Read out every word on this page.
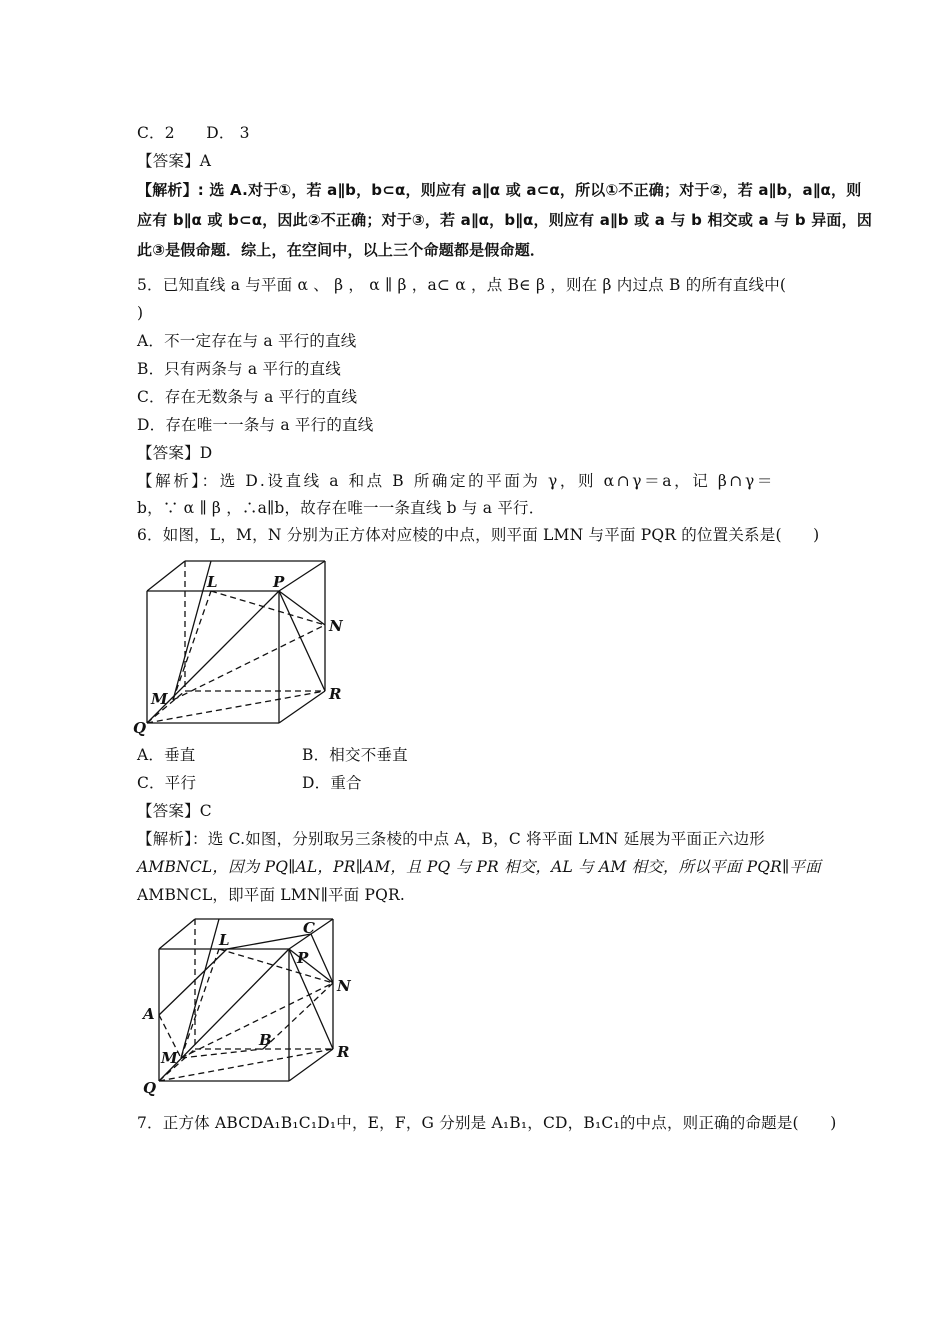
C．2　　D． 3
【答案】A
【解析】: 选 A.对于①，若 a∥b，b⊂α，则应有 a∥α 或 a⊂α，所以①不正确；对于②，若 a∥b，a∥α，则
应有 b∥α 或 b⊂α，因此②不正确；对于③，若 a∥α，b∥α，则应有 a∥b 或 a 与 b 相交或 a 与 b 异面，因
此③是假命题．综上，在空间中，以上三个命题都是假命题．
5．已知直线 a 与平面 α 、 β ， α ∥ β ，a⊂ α ，点 B∈ β ，则在 β 内过点 B 的所有直线中(
)
A．不一定存在与 a 平行的直线
B．只有两条与 a 平行的直线
C．存在无数条与 a 平行的直线
D．存在唯一一条与 a 平行的直线
【答案】D
【解析】：选 D.设直线 a 和点 B 所确定的平面为 γ，则 α∩γ＝a，记 β∩γ＝
b，∵ α ∥ β ，∴a∥b，故存在唯一一条直线 b 与 a 平行．
6．如图，L，M，N 分别为正方体对应棱的中点，则平面 LMN 与平面 PQR 的位置关系是(　　)
L	P
N
M	R
Q
A．垂直	B．相交不垂直
C．平行	D．重合
【答案】C
【解析】：选 C.如图，分别取另三条棱的中点 A，B，C 将平面 LMN 延展为平面正六边形
AMBNCL，因为 PQ∥AL，PR∥AM，且 PQ 与 PR 相交，AL 与 AM 相交，所以平面 PQR∥平面
AMBNCL，即平面 LMN∥平面 PQR.
L
C
P
N
A
B
M	R
Q
7．正方体 ABCDA₁B₁C₁D₁中，E，F，G 分别是 A₁B₁，CD，B₁C₁的中点，则正确的命题是(　　)
